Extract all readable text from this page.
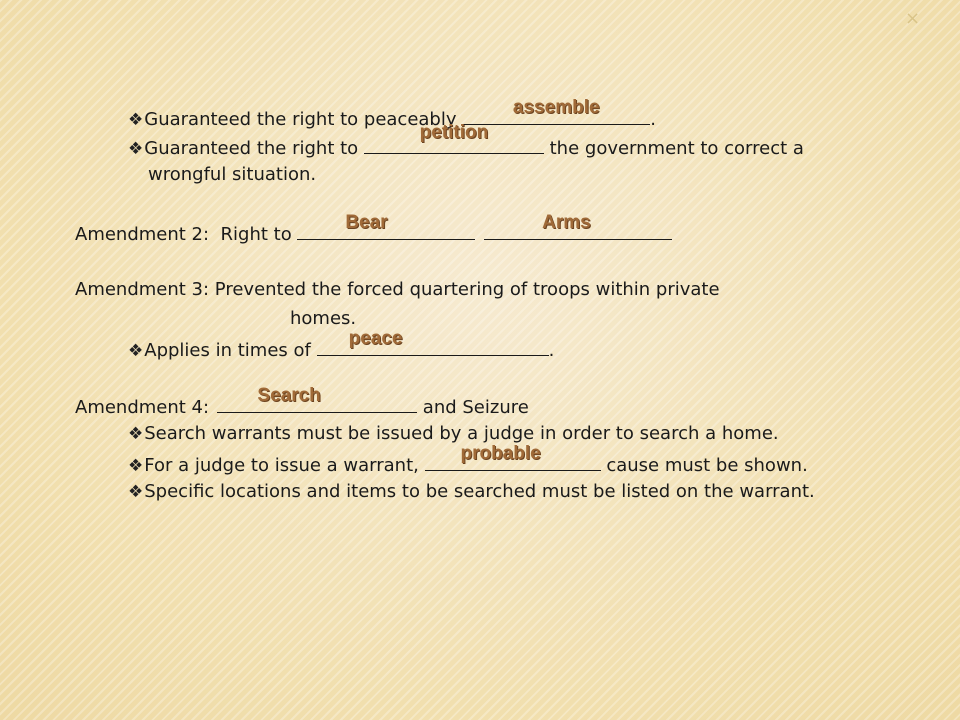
×
❖Guaranteed the right to peaceably
assemble
.
❖Guaranteed the right to
petition
the government to correct a
wrongful situation.
Amendment 2:  Right to
Bear	Arms
Amendment 3: Prevented the forced quartering of troops within private
homes.
❖Applies in times of
peace
.
Amendment 4:
Search
and Seizure
❖Search warrants must be issued by a judge in order to search a home.
❖For a judge to issue a warrant,
probable
cause must be shown.
❖Specific locations and items to be searched must be listed on the warrant.
